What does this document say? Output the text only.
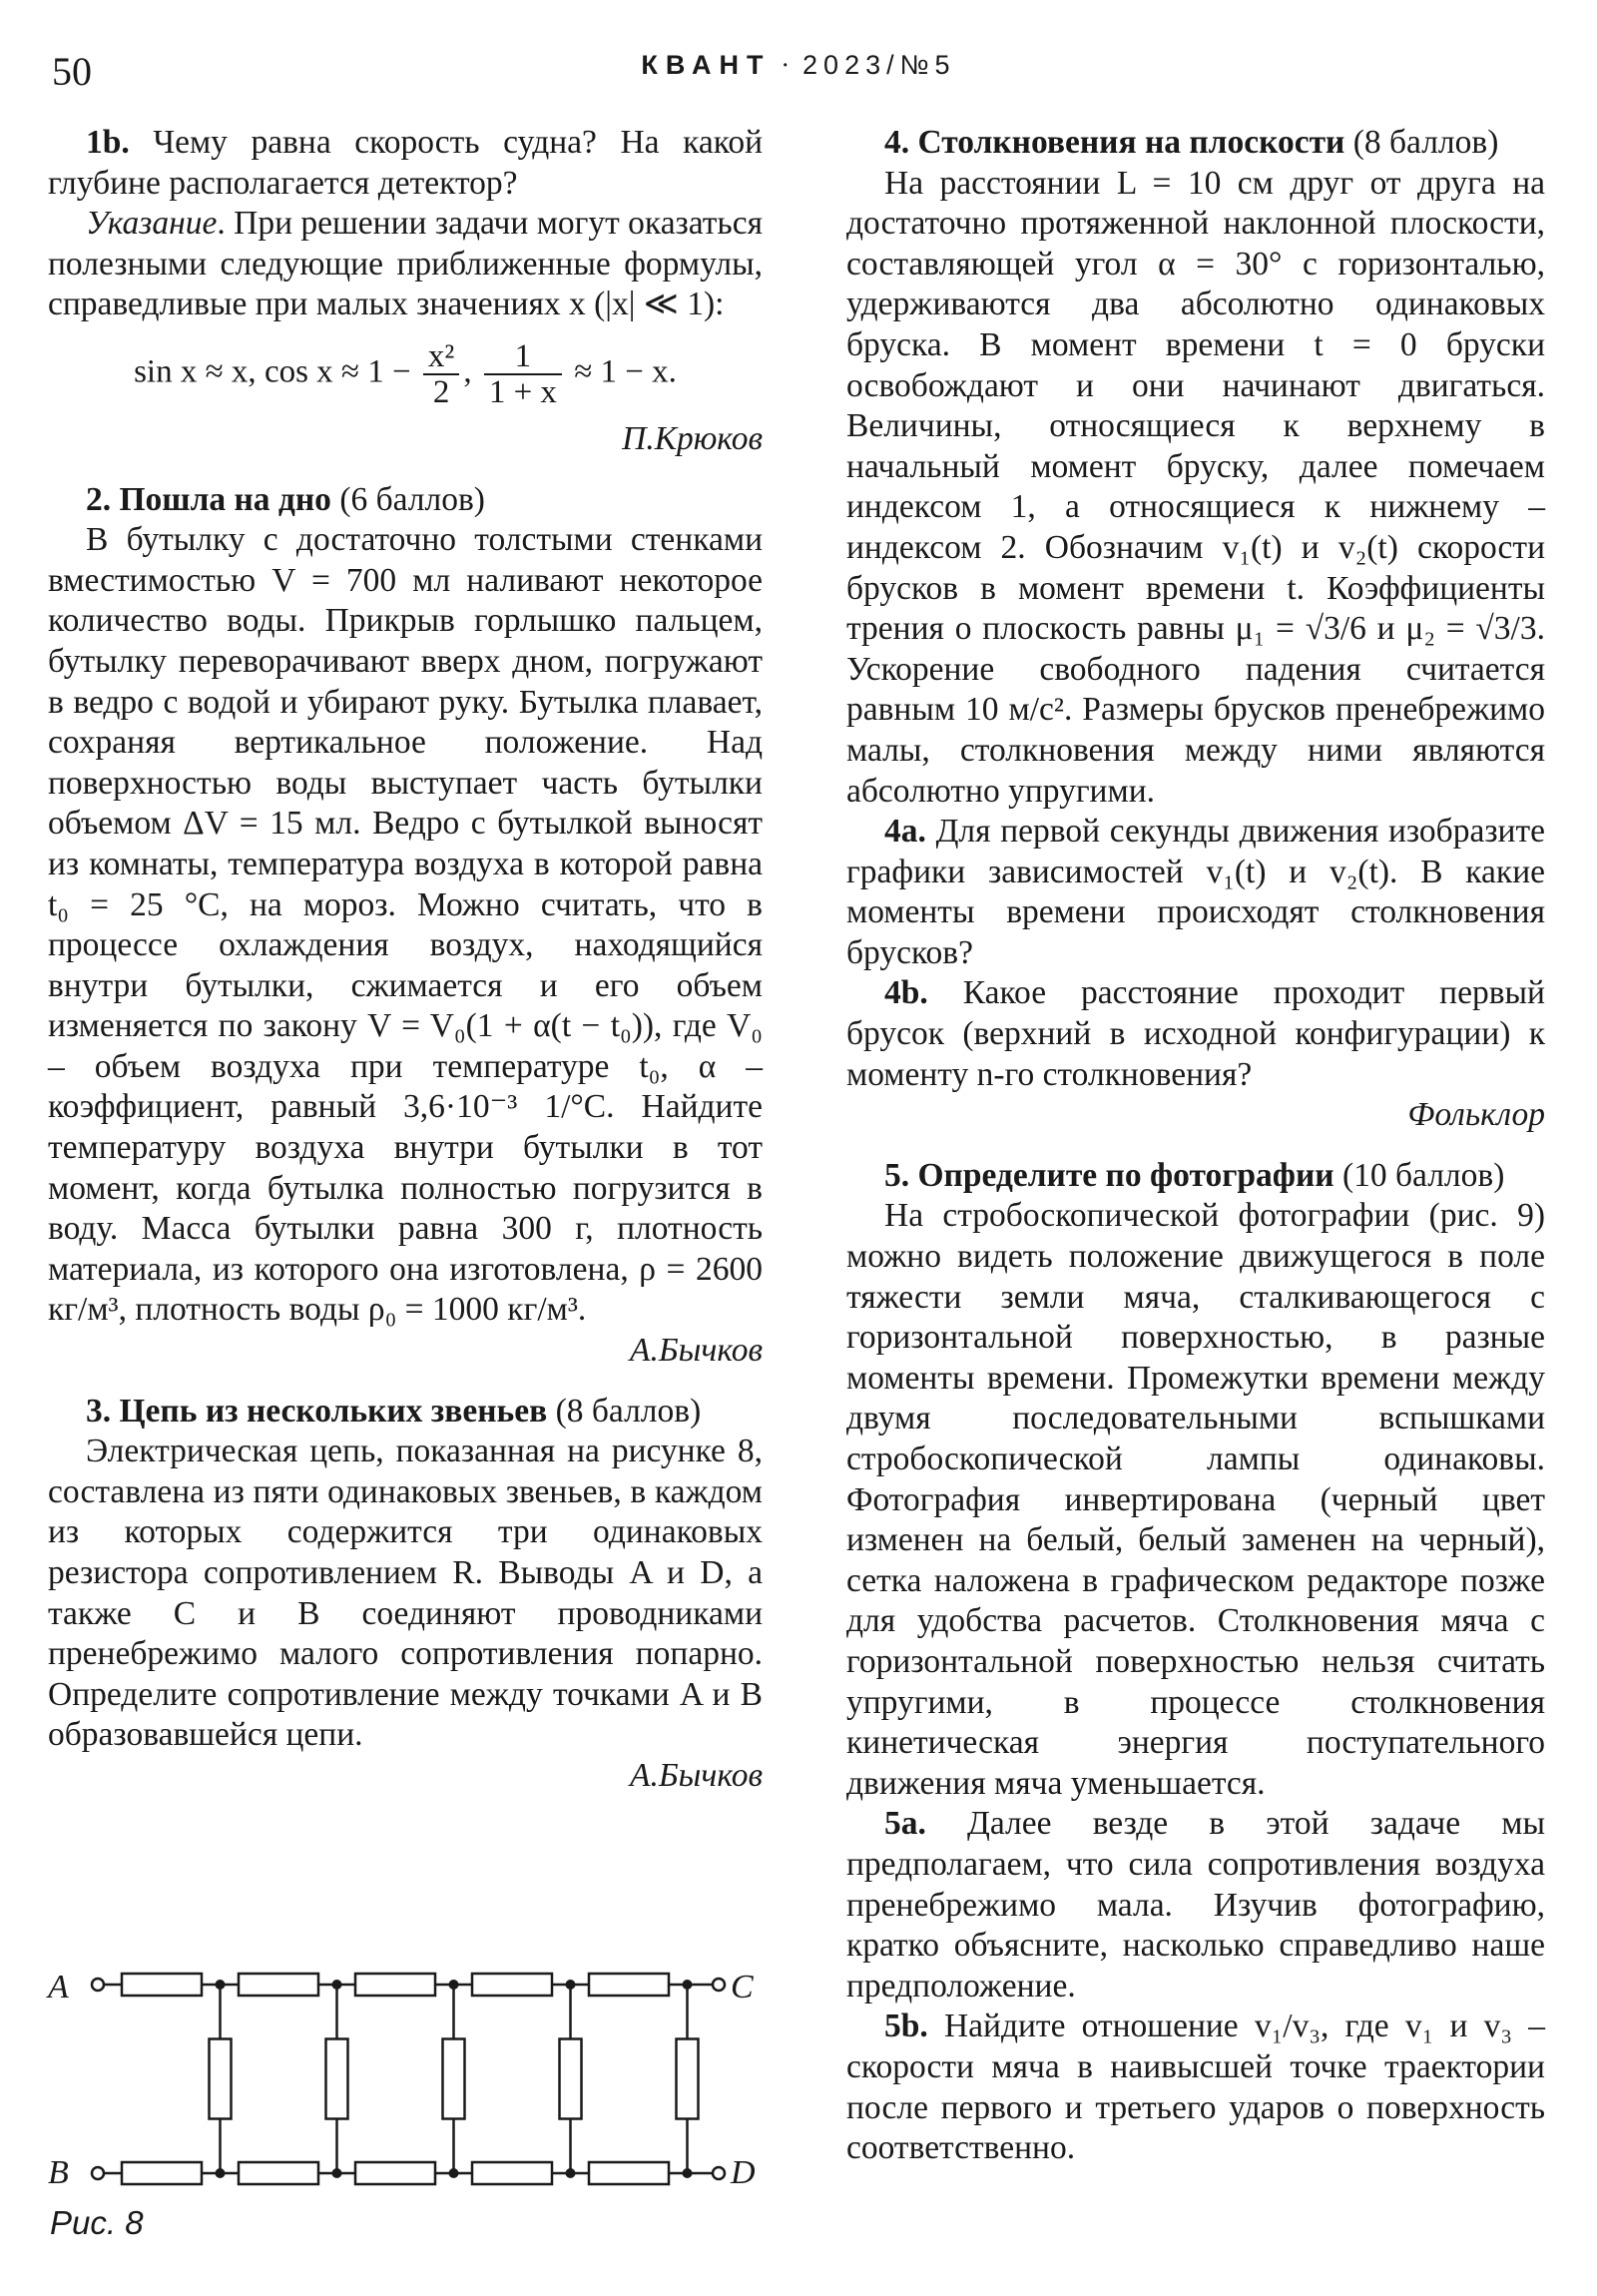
50	КВАНТ · 2023/№5

1b. Чему равна скорость судна? На какой глубине располагается детектор?

Указание. При решении задачи могут оказаться полезными следующие приближенные формулы, справедливые при малых значениях x (|x| ≪ 1):

sin x ≈ x, $\cos x \approx 1 - \frac{\text{x²}}{2}$ , $\frac{1}{1 + x} \approx 1 - x$.

П.Крюков

2. Пошла на дно (6 баллов)

В бутылку с достаточно толстыми стенками вместимостью V = 700 мл наливают некоторое количество воды. Прикрыв горлышко пальцем, бутылку переворачивают вверх дном, погружают в ведро с водой и убирают руку. Бутылка плавает, сохраняя вертикальное положение. Над поверхностью воды выступает часть бутылки объемом ΔV = 15 мл. Ведро с бутылкой выносят из комнаты, температура воздуха в которой равна t₀ = 25 °С, на мороз. Можно считать, что в процессе охлаждения воздух, находящийся внутри бутылки, сжимается и его объем изменяется по закону V = V₀(1 + α(t − t₀)), где V₀ – объем воздуха при температуре t₀, α – коэффициент, равный 3,6·10⁻³ 1/°С. Найдите температуру воздуха внутри бутылки в тот момент, когда бутылка полностью погрузится в воду. Масса бутылки равна 300 г, плотность материала, из которого она изготовлена, ρ = 2600 кг/м³, плотность воды ρ₀ = 1000 кг/м³.

А.Бычков

3. Цепь из нескольких звеньев (8 баллов)

Электрическая цепь, показанная на рисунке 8, составлена из пяти одинаковых звеньев, в каждом из которых содержится три одинаковых резистора сопротивлением R. Выводы A и D, а также C и B соединяют проводниками пренебрежимо малого сопротивления попарно. Определите сопротивление между точками A и B образовавшейся цепи.

А.Бычков

A
B
C
D
Рис. 8

4. Столкновения на плоскости (8 баллов)

На расстоянии L = 10 см друг от друга на достаточно протяженной наклонной плоскости, составляющей угол α = 30° с горизонталью, удерживаются два абсолютно одинаковых бруска. В момент времени t = 0 бруски освобождают и они начинают двигаться. Величины, относящиеся к верхнему в начальный момент бруску, далее помечаем индексом 1, а относящиеся к нижнему – индексом 2. Обозначим v₁(t) и v₂(t) скорости брусков в момент времени t. Коэффициенты трения о плоскость равны μ₁ = √3/6 и μ₂ = √3/3. Ускорение свободного падения считается равным 10 м/с². Размеры брусков пренебрежимо малы, столкновения между ними являются абсолютно упругими.

4a. Для первой секунды движения изобразите графики зависимостей v₁(t) и v₂(t). В какие моменты времени происходят столкновения брусков?

4b. Какое расстояние проходит первый брусок (верхний в исходной конфигурации) к моменту n-го столкновения?

Фольклор

5. Определите по фотографии (10 баллов)

На стробоскопической фотографии (рис. 9) можно видеть положение движущегося в поле тяжести земли мяча, сталкивающегося с горизонтальной поверхностью, в разные моменты времени. Промежутки времени между двумя последовательными вспышками стробоскопической лампы одинаковы. Фотография инвертирована (черный цвет изменен на белый, белый заменен на черный), сетка наложена в графическом редакторе позже для удобства расчетов. Столкновения мяча с горизонтальной поверхностью нельзя считать упругими, в процессе столкновения кинетическая энергия поступательного движения мяча уменьшается.

5a. Далее везде в этой задаче мы предполагаем, что сила сопротивления воздуха пренебрежимо мала. Изучив фотографию, кратко объясните, насколько справедливо наше предположение.

5b. Найдите отношение v₁/v₃, где v₁ и v₃ – скорости мяча в наивысшей точке траектории после первого и третьего ударов о поверхность соответственно.
